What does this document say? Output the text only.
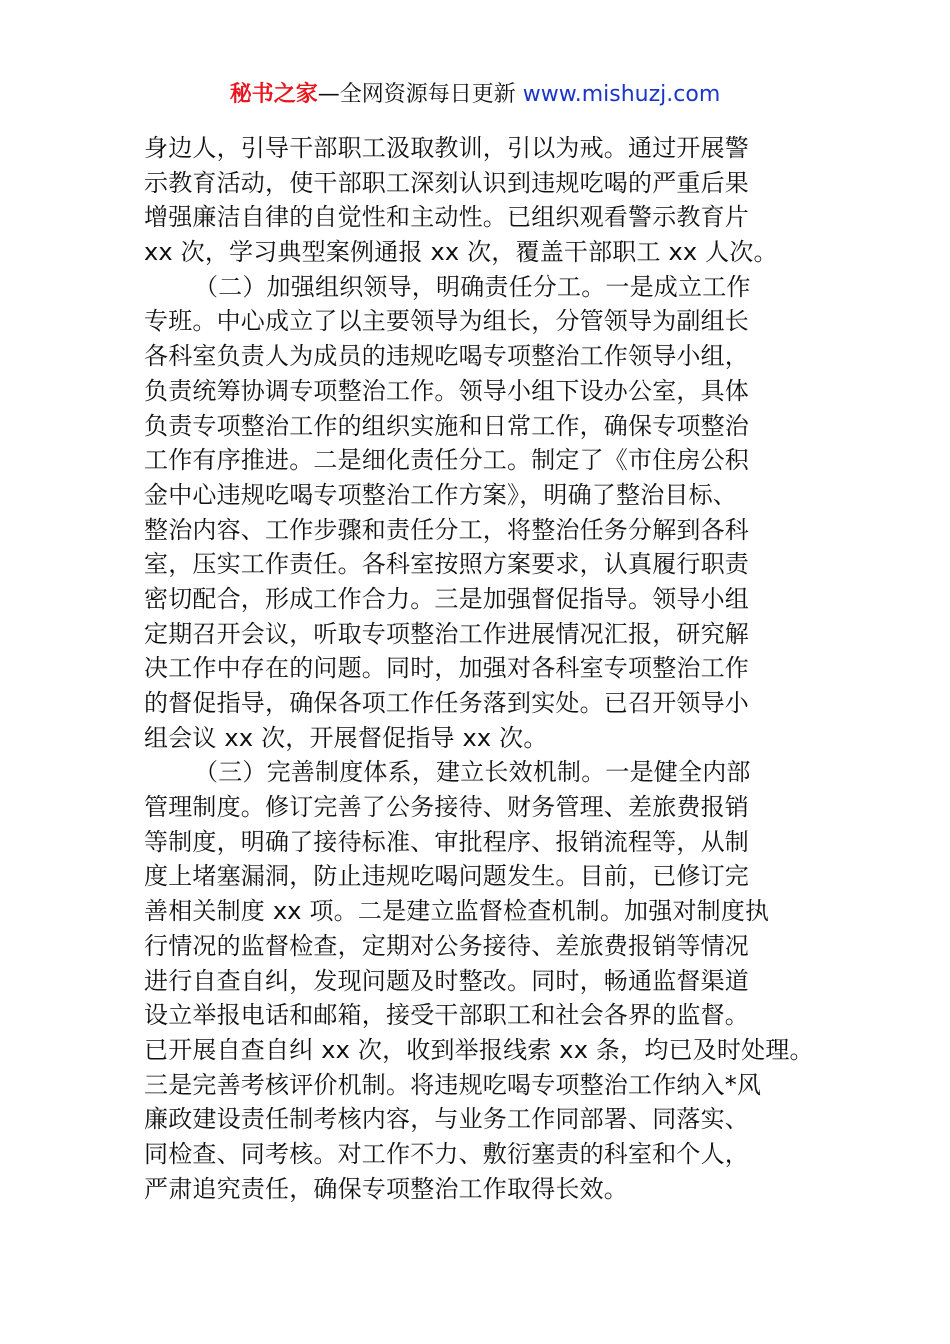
秘书之家—全网资源每日更新 www.mishuzj.com
身边人，引导干部职工汲取教训，引以为戒。通过开展警
示教育活动，使干部职工深刻认识到违规吃喝的严重后果
增强廉洁自律的自觉性和主动性。已组织观看警示教育片
xx 次，学习典型案例通报 xx 次，覆盖干部职工 xx 人次。
（二）加强组织领导，明确责任分工。一是成立工作
专班。中心成立了以主要领导为组长，分管领导为副组长
各科室负责人为成员的违规吃喝专项整治工作领导小组，
负责统筹协调专项整治工作。领导小组下设办公室，具体
负责专项整治工作的组织实施和日常工作，确保专项整治
工作有序推进。二是细化责任分工。制定了《市住房公积
金中心违规吃喝专项整治工作方案》，明确了整治目标、
整治内容、工作步骤和责任分工，将整治任务分解到各科
室，压实工作责任。各科室按照方案要求，认真履行职责
密切配合，形成工作合力。三是加强督促指导。领导小组
定期召开会议，听取专项整治工作进展情况汇报，研究解
决工作中存在的问题。同时，加强对各科室专项整治工作
的督促指导，确保各项工作任务落到实处。已召开领导小
组会议 xx 次，开展督促指导 xx 次。
（三）完善制度体系，建立长效机制。一是健全内部
管理制度。修订完善了公务接待、财务管理、差旅费报销
等制度，明确了接待标准、审批程序、报销流程等，从制
度上堵塞漏洞，防止违规吃喝问题发生。目前，已修订完
善相关制度 xx 项。二是建立监督检查机制。加强对制度执
行情况的监督检查，定期对公务接待、差旅费报销等情况
进行自查自纠，发现问题及时整改。同时，畅通监督渠道
设立举报电话和邮箱，接受干部职工和社会各界的监督。
已开展自查自纠 xx 次，收到举报线索 xx 条，均已及时处理。
三是完善考核评价机制。将违规吃喝专项整治工作纳入*风
廉政建设责任制考核内容，与业务工作同部署、同落实、
同检查、同考核。对工作不力、敷衍塞责的科室和个人，
严肃追究责任，确保专项整治工作取得长效。
